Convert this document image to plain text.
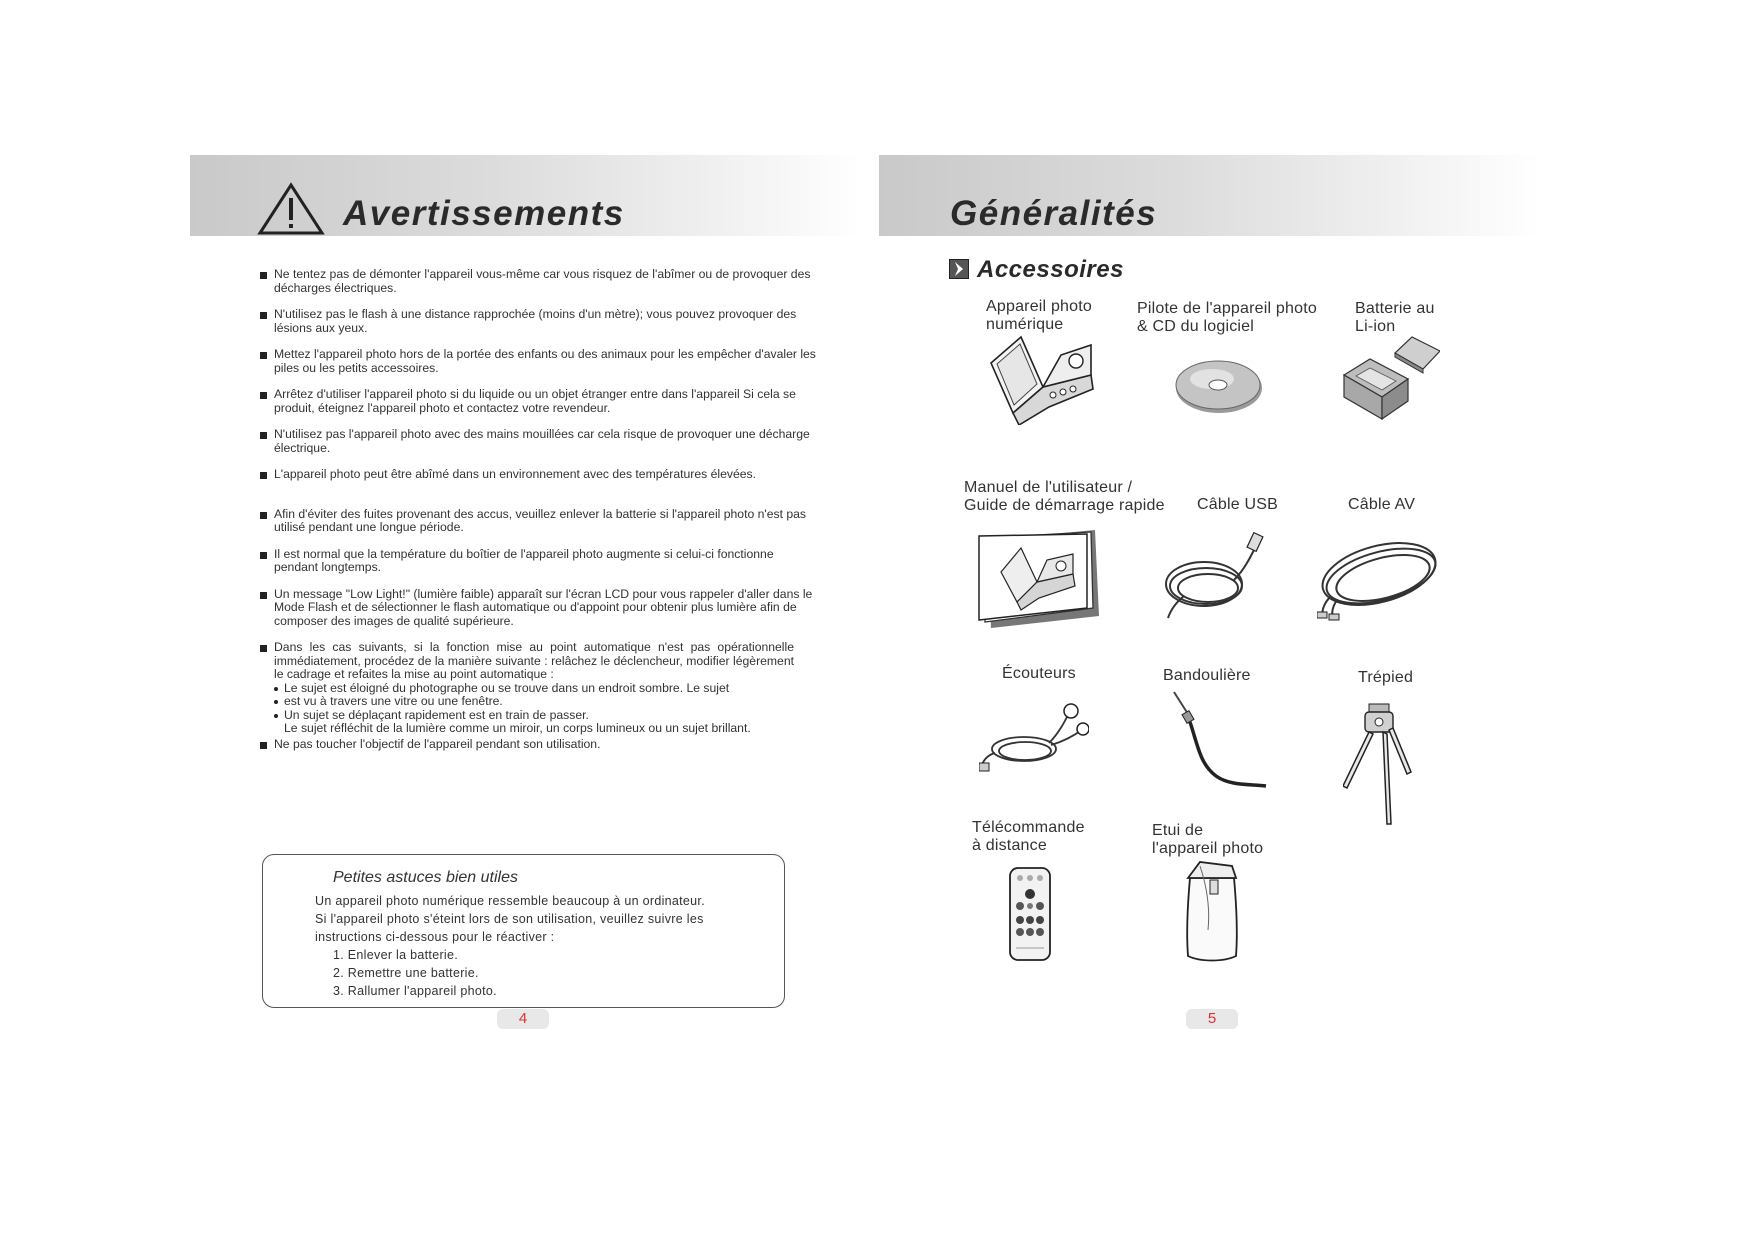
Avertissements
Ne tentez pas de démonter l'appareil vous-même car vous risquez de l'abîmer ou de provoquer des décharges électriques.
N'utilisez pas le flash à une distance rapprochée (moins d'un mètre); vous pouvez provoquer des lésions aux yeux.
Mettez l'appareil photo hors de la portée des enfants ou des animaux pour les empêcher d'avaler les piles ou les petits accessoires.
Arrêtez d'utiliser l'appareil photo si du liquide ou un objet étranger entre dans l'appareil Si cela se produit, éteignez l'appareil photo et contactez votre revendeur.
N'utilisez pas l'appareil photo avec des mains mouillées car cela risque de provoquer une décharge électrique.
L'appareil photo peut être abîmé dans un environnement avec des températures élevées.
Afin d'éviter des fuites provenant des accus, veuillez enlever la batterie si l'appareil photo n'est pas utilisé pendant une longue période.
Il est normal que la température du boîtier de l'appareil photo augmente si celui-ci fonctionne pendant longtemps.
Un message "Low Light!" (lumière faible) apparaît sur l'écran LCD pour vous rappeler d'aller dans le Mode Flash et de sélectionner le flash automatique ou d'appoint pour obtenir plus lumière afin de composer des images de qualité supérieure.
Dans les cas suivants, si la fonction mise au point automatique n'est pas opérationnelle immédiatement, procédez de la manière suivante : relâchez le déclencheur, modifier légèrement le cadrage et refaites la mise au point automatique :
Le sujet est éloigné du photographe ou se trouve dans un endroit sombre. Le sujet
est vu à travers une vitre ou une fenêtre.
Un sujet se déplaçant rapidement est en train de passer.
Le sujet réfléchit de la lumière comme un miroir, un corps lumineux ou un sujet brillant.
Ne pas toucher l'objectif de l'appareil pendant son utilisation.
Petites astuces bien utiles
Un appareil photo numérique ressemble beaucoup à un ordinateur.
Si l'appareil photo s'éteint lors de son utilisation, veuillez suivre les
instructions ci-dessous pour le réactiver :
1. Enlever la batterie.
2. Remettre une batterie.
3. Rallumer l'appareil photo.
4
Généralités
Accessoires
Appareil photo
numérique
Pilote de l'appareil photo
& CD du logiciel
Batterie au
Li-ion
Manuel de l'utilisateur /
Guide de démarrage rapide Câble USB	Câble AV
Écouteurs	Bandoulière	Trépied
Télécommande
à distance
Etui de
l'appareil photo
5
